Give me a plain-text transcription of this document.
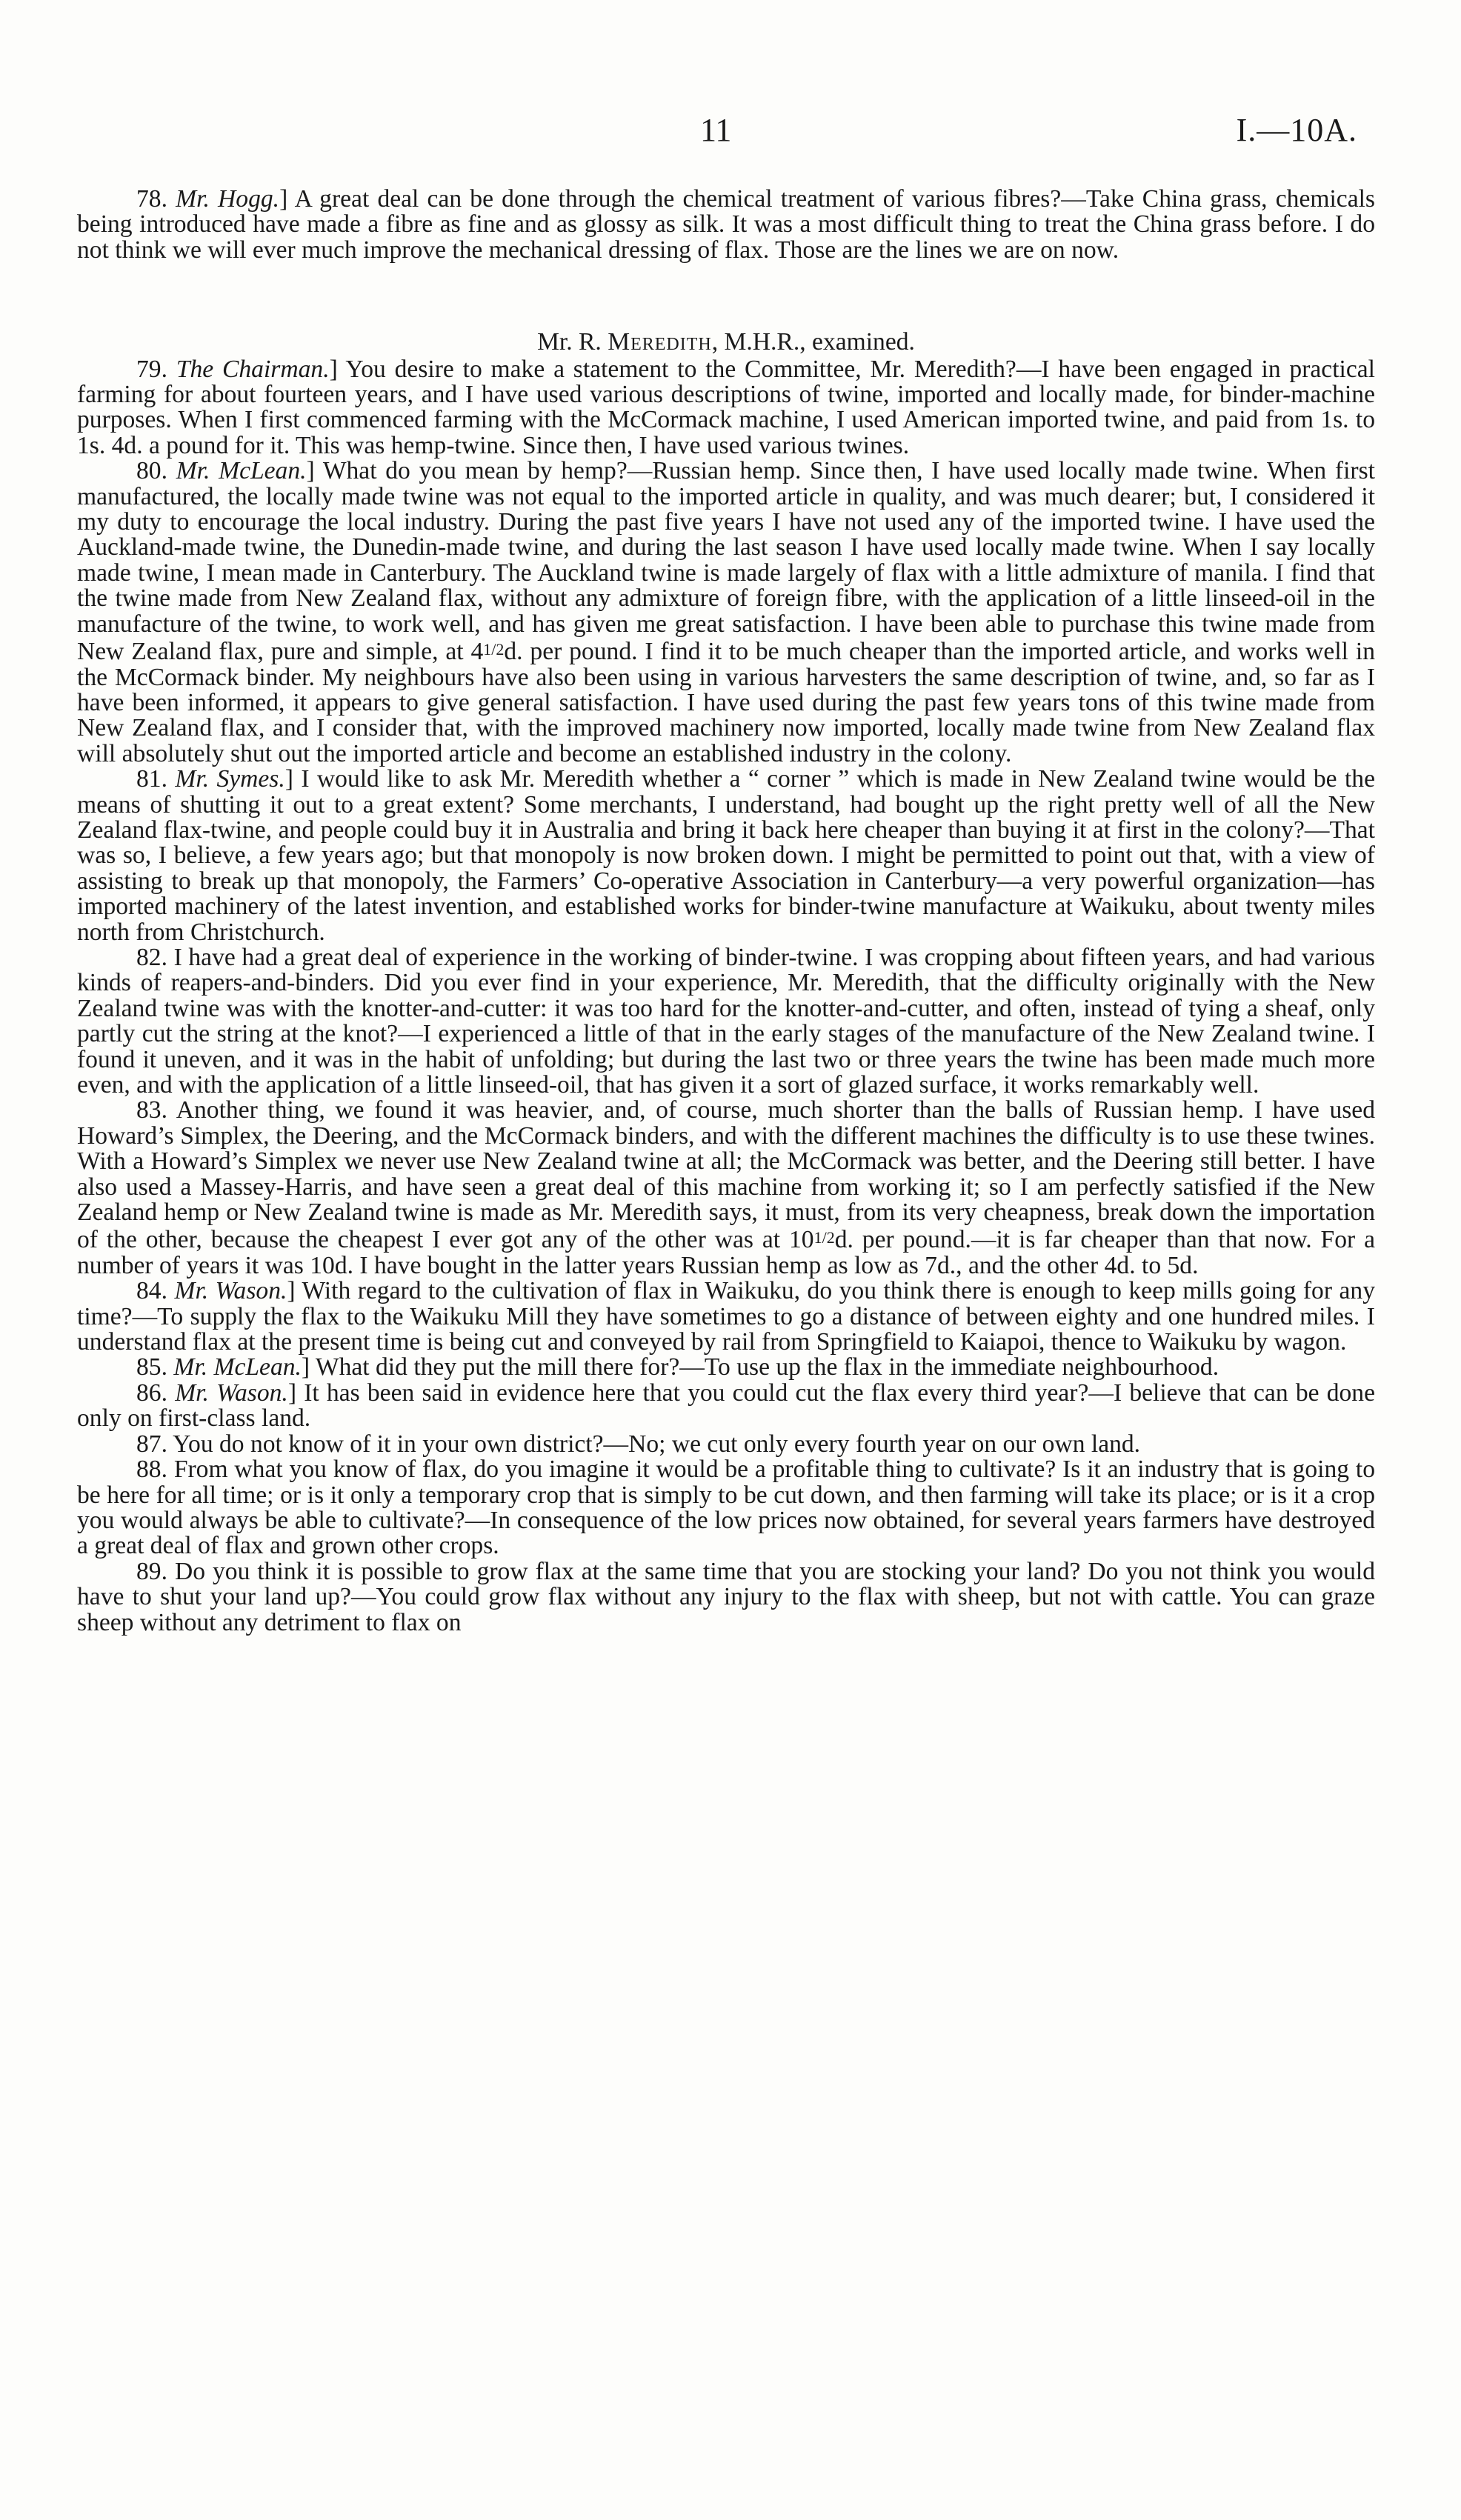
11	I.—10A.

78. Mr. Hogg.] A great deal can be done through the chemical treatment of various fibres?—Take China grass, chemicals being introduced have made a fibre as fine and as glossy as silk. It was a most difficult thing to treat the China grass before. I do not think we will ever much improve the mechanical dressing of flax. Those are the lines we are on now.

Mr. R. Meredith, M.H.R., examined.

79. The Chairman.] You desire to make a statement to the Committee, Mr. Meredith?—I have been engaged in practical farming for about fourteen years, and I have used various descriptions of twine, imported and locally made, for binder-machine purposes. When I first commenced farming with the McCormack machine, I used American imported twine, and paid from 1s. to 1s. 4d. a pound for it. This was hemp-twine. Since then, I have used various twines.

80. Mr. McLean.] What do you mean by hemp?—Russian hemp. Since then, I have used locally made twine. When first manufactured, the locally made twine was not equal to the imported article in quality, and was much dearer; but, I considered it my duty to encourage the local industry. During the past five years I have not used any of the imported twine. I have used the Auckland-made twine, the Dunedin-made twine, and during the last season I have used locally made twine. When I say locally made twine, I mean made in Canterbury. The Auckland twine is made largely of flax with a little admixture of manila. I find that the twine made from New Zealand flax, without any admixture of foreign fibre, with the application of a little linseed-oil in the manufacture of the twine, to work well, and has given me great satisfaction. I have been able to purchase this twine made from New Zealand flax, pure and simple, at 41/2d. per pound. I find it to be much cheaper than the imported article, and works well in the McCormack binder. My neighbours have also been using in various harvesters the same description of twine, and, so far as I have been informed, it appears to give general satisfaction. I have used during the past few years tons of this twine made from New Zealand flax, and I consider that, with the improved machinery now imported, locally made twine from New Zealand flax will absolutely shut out the imported article and become an established industry in the colony.

81. Mr. Symes.] I would like to ask Mr. Meredith whether a “ corner ” which is made in New Zealand twine would be the means of shutting it out to a great extent? Some merchants, I understand, had bought up the right pretty well of all the New Zealand flax-twine, and people could buy it in Australia and bring it back here cheaper than buying it at first in the colony?—That was so, I believe, a few years ago; but that monopoly is now broken down. I might be permitted to point out that, with a view of assisting to break up that monopoly, the Farmers’ Co-operative Association in Canterbury—a very powerful organization—has imported machinery of the latest invention, and established works for binder-twine manufacture at Waikuku, about twenty miles north from Christchurch.

82. I have had a great deal of experience in the working of binder-twine. I was cropping about fifteen years, and had various kinds of reapers-and-binders. Did you ever find in your experience, Mr. Meredith, that the difficulty originally with the New Zealand twine was with the knotter-and-cutter: it was too hard for the knotter-and-cutter, and often, instead of tying a sheaf, only partly cut the string at the knot?—I experienced a little of that in the early stages of the manufacture of the New Zealand twine. I found it uneven, and it was in the habit of unfolding; but during the last two or three years the twine has been made much more even, and with the application of a little linseed-oil, that has given it a sort of glazed surface, it works remarkably well.

83. Another thing, we found it was heavier, and, of course, much shorter than the balls of Russian hemp. I have used Howard’s Simplex, the Deering, and the McCormack binders, and with the different machines the difficulty is to use these twines. With a Howard’s Simplex we never use New Zealand twine at all; the McCormack was better, and the Deering still better. I have also used a Massey-Harris, and have seen a great deal of this machine from working it; so I am perfectly satisfied if the New Zealand hemp or New Zealand twine is made as Mr. Meredith says, it must, from its very cheapness, break down the importation of the other, because the cheapest I ever got any of the other was at 101/2d. per pound.—it is far cheaper than that now. For a number of years it was 10d. I have bought in the latter years Russian hemp as low as 7d., and the other 4d. to 5d.

84. Mr. Wason.] With regard to the cultivation of flax in Waikuku, do you think there is enough to keep mills going for any time?—To supply the flax to the Waikuku Mill they have sometimes to go a distance of between eighty and one hundred miles. I understand flax at the present time is being cut and conveyed by rail from Springfield to Kaiapoi, thence to Waikuku by wagon.

85. Mr. McLean.] What did they put the mill there for?—To use up the flax in the immediate neighbourhood.

86. Mr. Wason.] It has been said in evidence here that you could cut the flax every third year?—I believe that can be done only on first-class land.

87. You do not know of it in your own district?—No; we cut only every fourth year on our own land.

88. From what you know of flax, do you imagine it would be a profitable thing to cultivate? Is it an industry that is going to be here for all time; or is it only a temporary crop that is simply to be cut down, and then farming will take its place; or is it a crop you would always be able to cultivate?—In consequence of the low prices now obtained, for several years farmers have destroyed a great deal of flax and grown other crops.

89. Do you think it is possible to grow flax at the same time that you are stocking your land? Do you not think you would have to shut your land up?—You could grow flax without any injury to the flax with sheep, but not with cattle. You can graze sheep without any detriment to flax on
